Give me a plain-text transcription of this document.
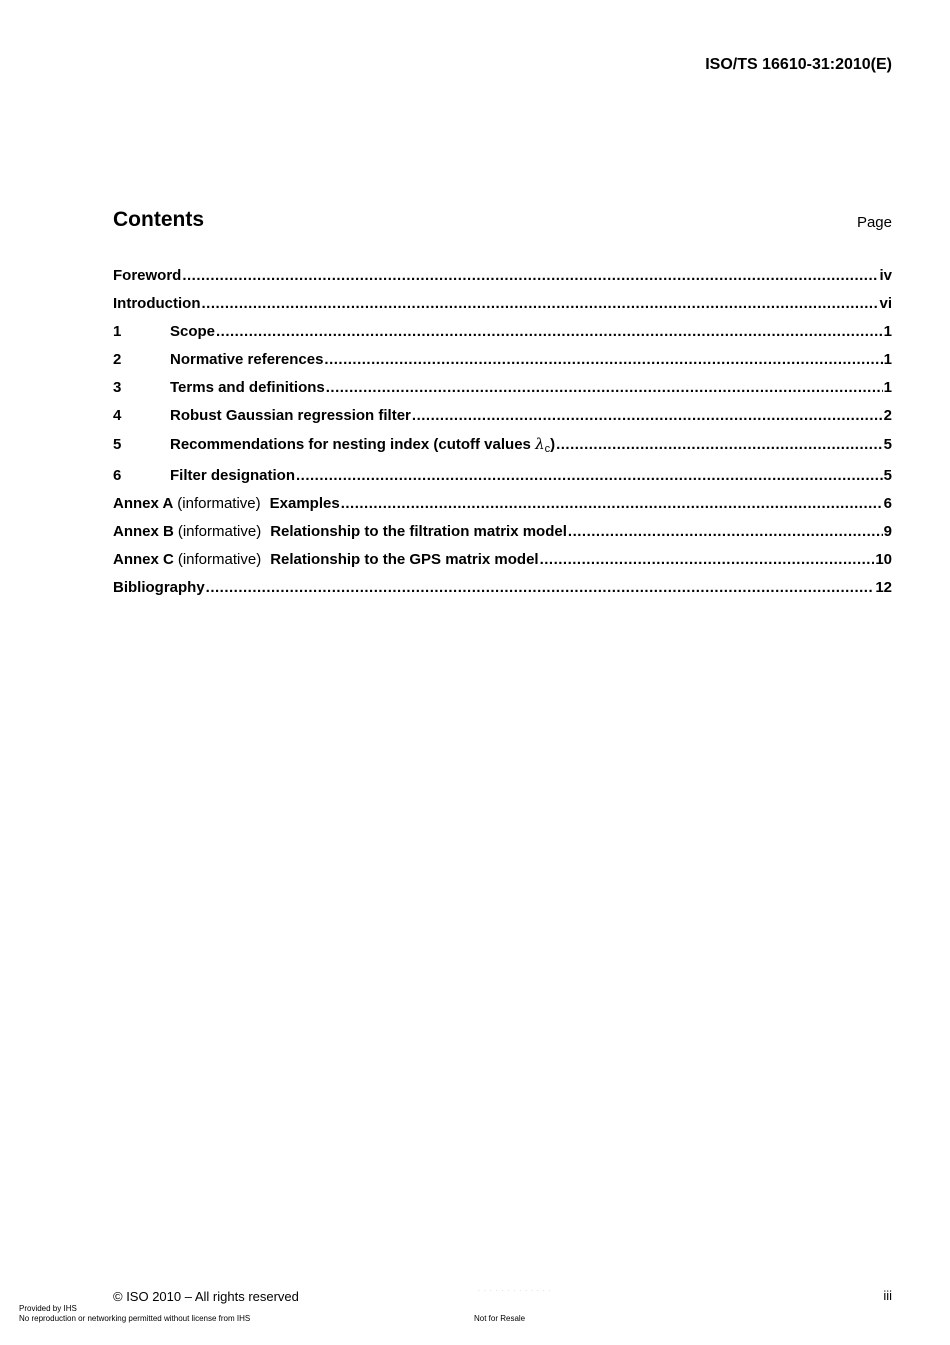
ISO/TS 16610-31:2010(E)
Contents	Page
Foreword .....	iv
Introduction .....	vi
1	Scope .....	1
2	Normative references .....	1
3	Terms and definitions .....	1
4	Robust Gaussian regression filter .....	2
5	Recommendations for nesting index (cutoff values $\lambda_c$) .....	5
6	Filter designation .....	5
Annex A (informative) Examples .....	6
Annex B (informative) Relationship to the filtration matrix model .....	9
Annex C (informative) Relationship to the GPS matrix model .....	10
Bibliography .....	12
. . . . . . . . . . . . .
© ISO 2010 – All rights reserved	iii
Provided by IHS
No reproduction or networking permitted without license from IHS	Not for Resale
